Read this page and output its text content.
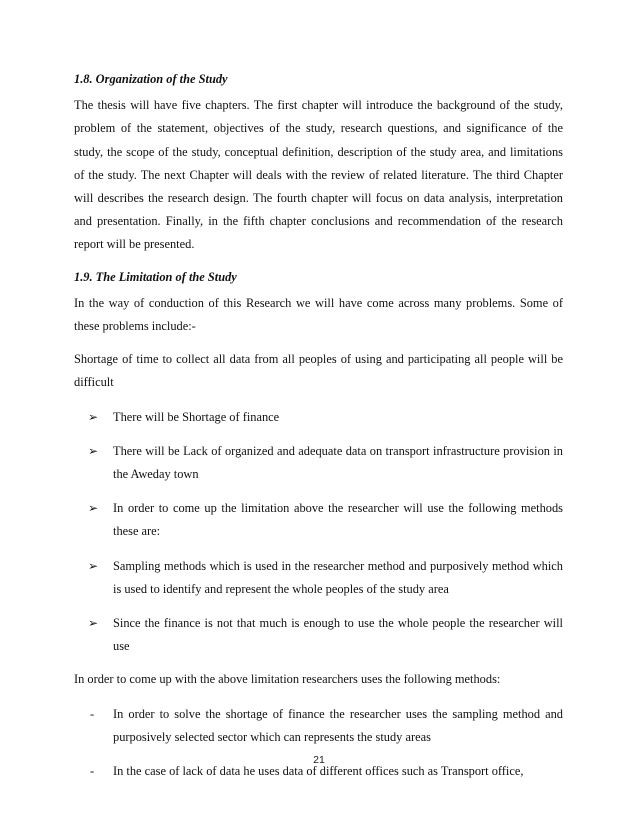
1.8. Organization of the Study

The thesis will have five chapters. The first chapter will introduce the background of the study, problem of the statement, objectives of the study, research questions, and significance of the study, the scope of the study, conceptual definition, description of the study area, and limitations of the study. The next Chapter will deals with the review of related literature. The third Chapter will describes the research design. The fourth chapter will focus on data analysis, interpretation and presentation. Finally, in the fifth chapter conclusions and recommendation of the research report will be presented.

1.9. The Limitation of the Study

In the way of conduction of this Research we will have come across many problems. Some of these problems include:-

Shortage of time to collect all data from all peoples of using and participating all people will be difficult

➢ There will be Shortage of finance
➢ There will be Lack of organized and adequate data on transport infrastructure provision in the Aweday town
➢ In order to come up the limitation above the researcher will use the following methods these are:
➢ Sampling methods which is used in the researcher method and purposively method which is used to identify and represent the whole peoples of the study area
➢ Since the finance is not that much is enough to use the whole people the researcher will use

In order to come up with the above limitation researchers uses the following methods:

- In order to solve the shortage of finance the researcher uses the sampling method and purposively selected sector which can represents the study areas
- In the case of lack of data he uses data of different offices such as Transport office,
21
